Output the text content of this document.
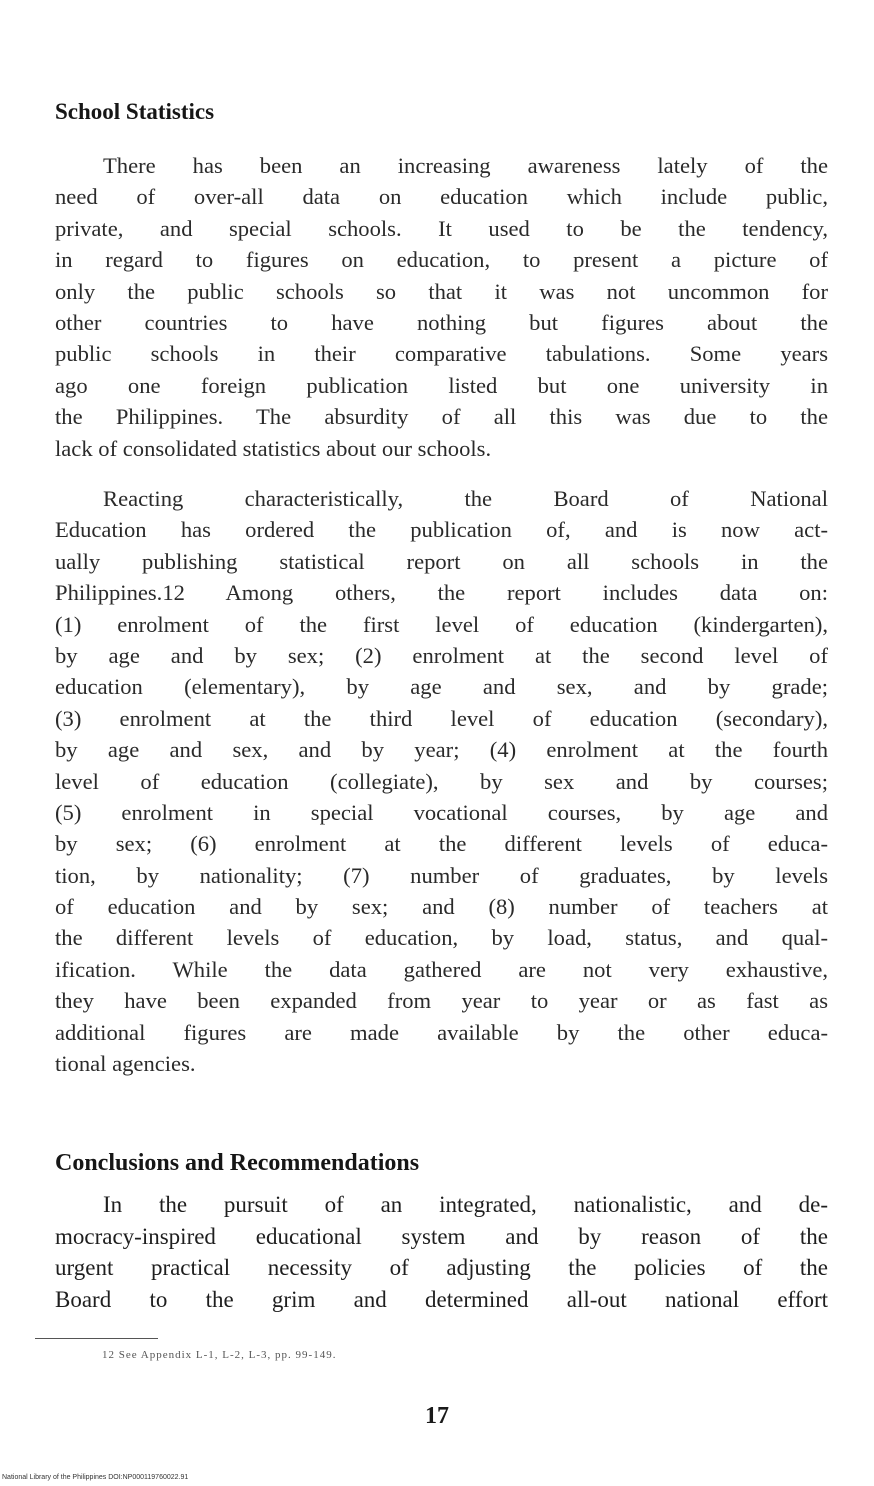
School Statistics
There has been an increasing awareness lately of the
need of over-all data on education which include public,
private, and special schools. It used to be the tendency,
in regard to figures on education, to present a picture of
only the public schools so that it was not uncommon for
other countries to have nothing but figures about the
public schools in their comparative tabulations. Some years
ago one foreign publication listed but one university in
the Philippines. The absurdity of all this was due to the
lack of consolidated statistics about our schools.
Reacting characteristically, the Board of National
Education has ordered the publication of, and is now act-
ually publishing statistical report on all schools in the
Philippines.12 Among others, the report includes data on:
(1) enrolment of the first level of education (kindergarten),
by age and by sex; (2) enrolment at the second level of
education (elementary), by age and sex, and by grade;
(3) enrolment at the third level of education (secondary),
by age and sex, and by year; (4) enrolment at the fourth
level of education (collegiate), by sex and by courses;
(5) enrolment in special vocational courses, by age and
by sex; (6) enrolment at the different levels of educa-
tion, by nationality; (7) number of graduates, by levels
of education and by sex; and (8) number of teachers at
the different levels of education, by load, status, and qual-
ification. While the data gathered are not very exhaustive,
they have been expanded from year to year or as fast as
additional figures are made available by the other educa-
tional agencies.
Conclusions and Recommendations
In the pursuit of an integrated, nationalistic, and de-
mocracy-inspired educational system and by reason of the
urgent practical necessity of adjusting the policies of the
Board to the grim and determined all-out national effort

12 See Appendix L-1, L-2, L-3, pp. 99-149.

17

National Library of the Philippines DOI:NP000119760022.91
